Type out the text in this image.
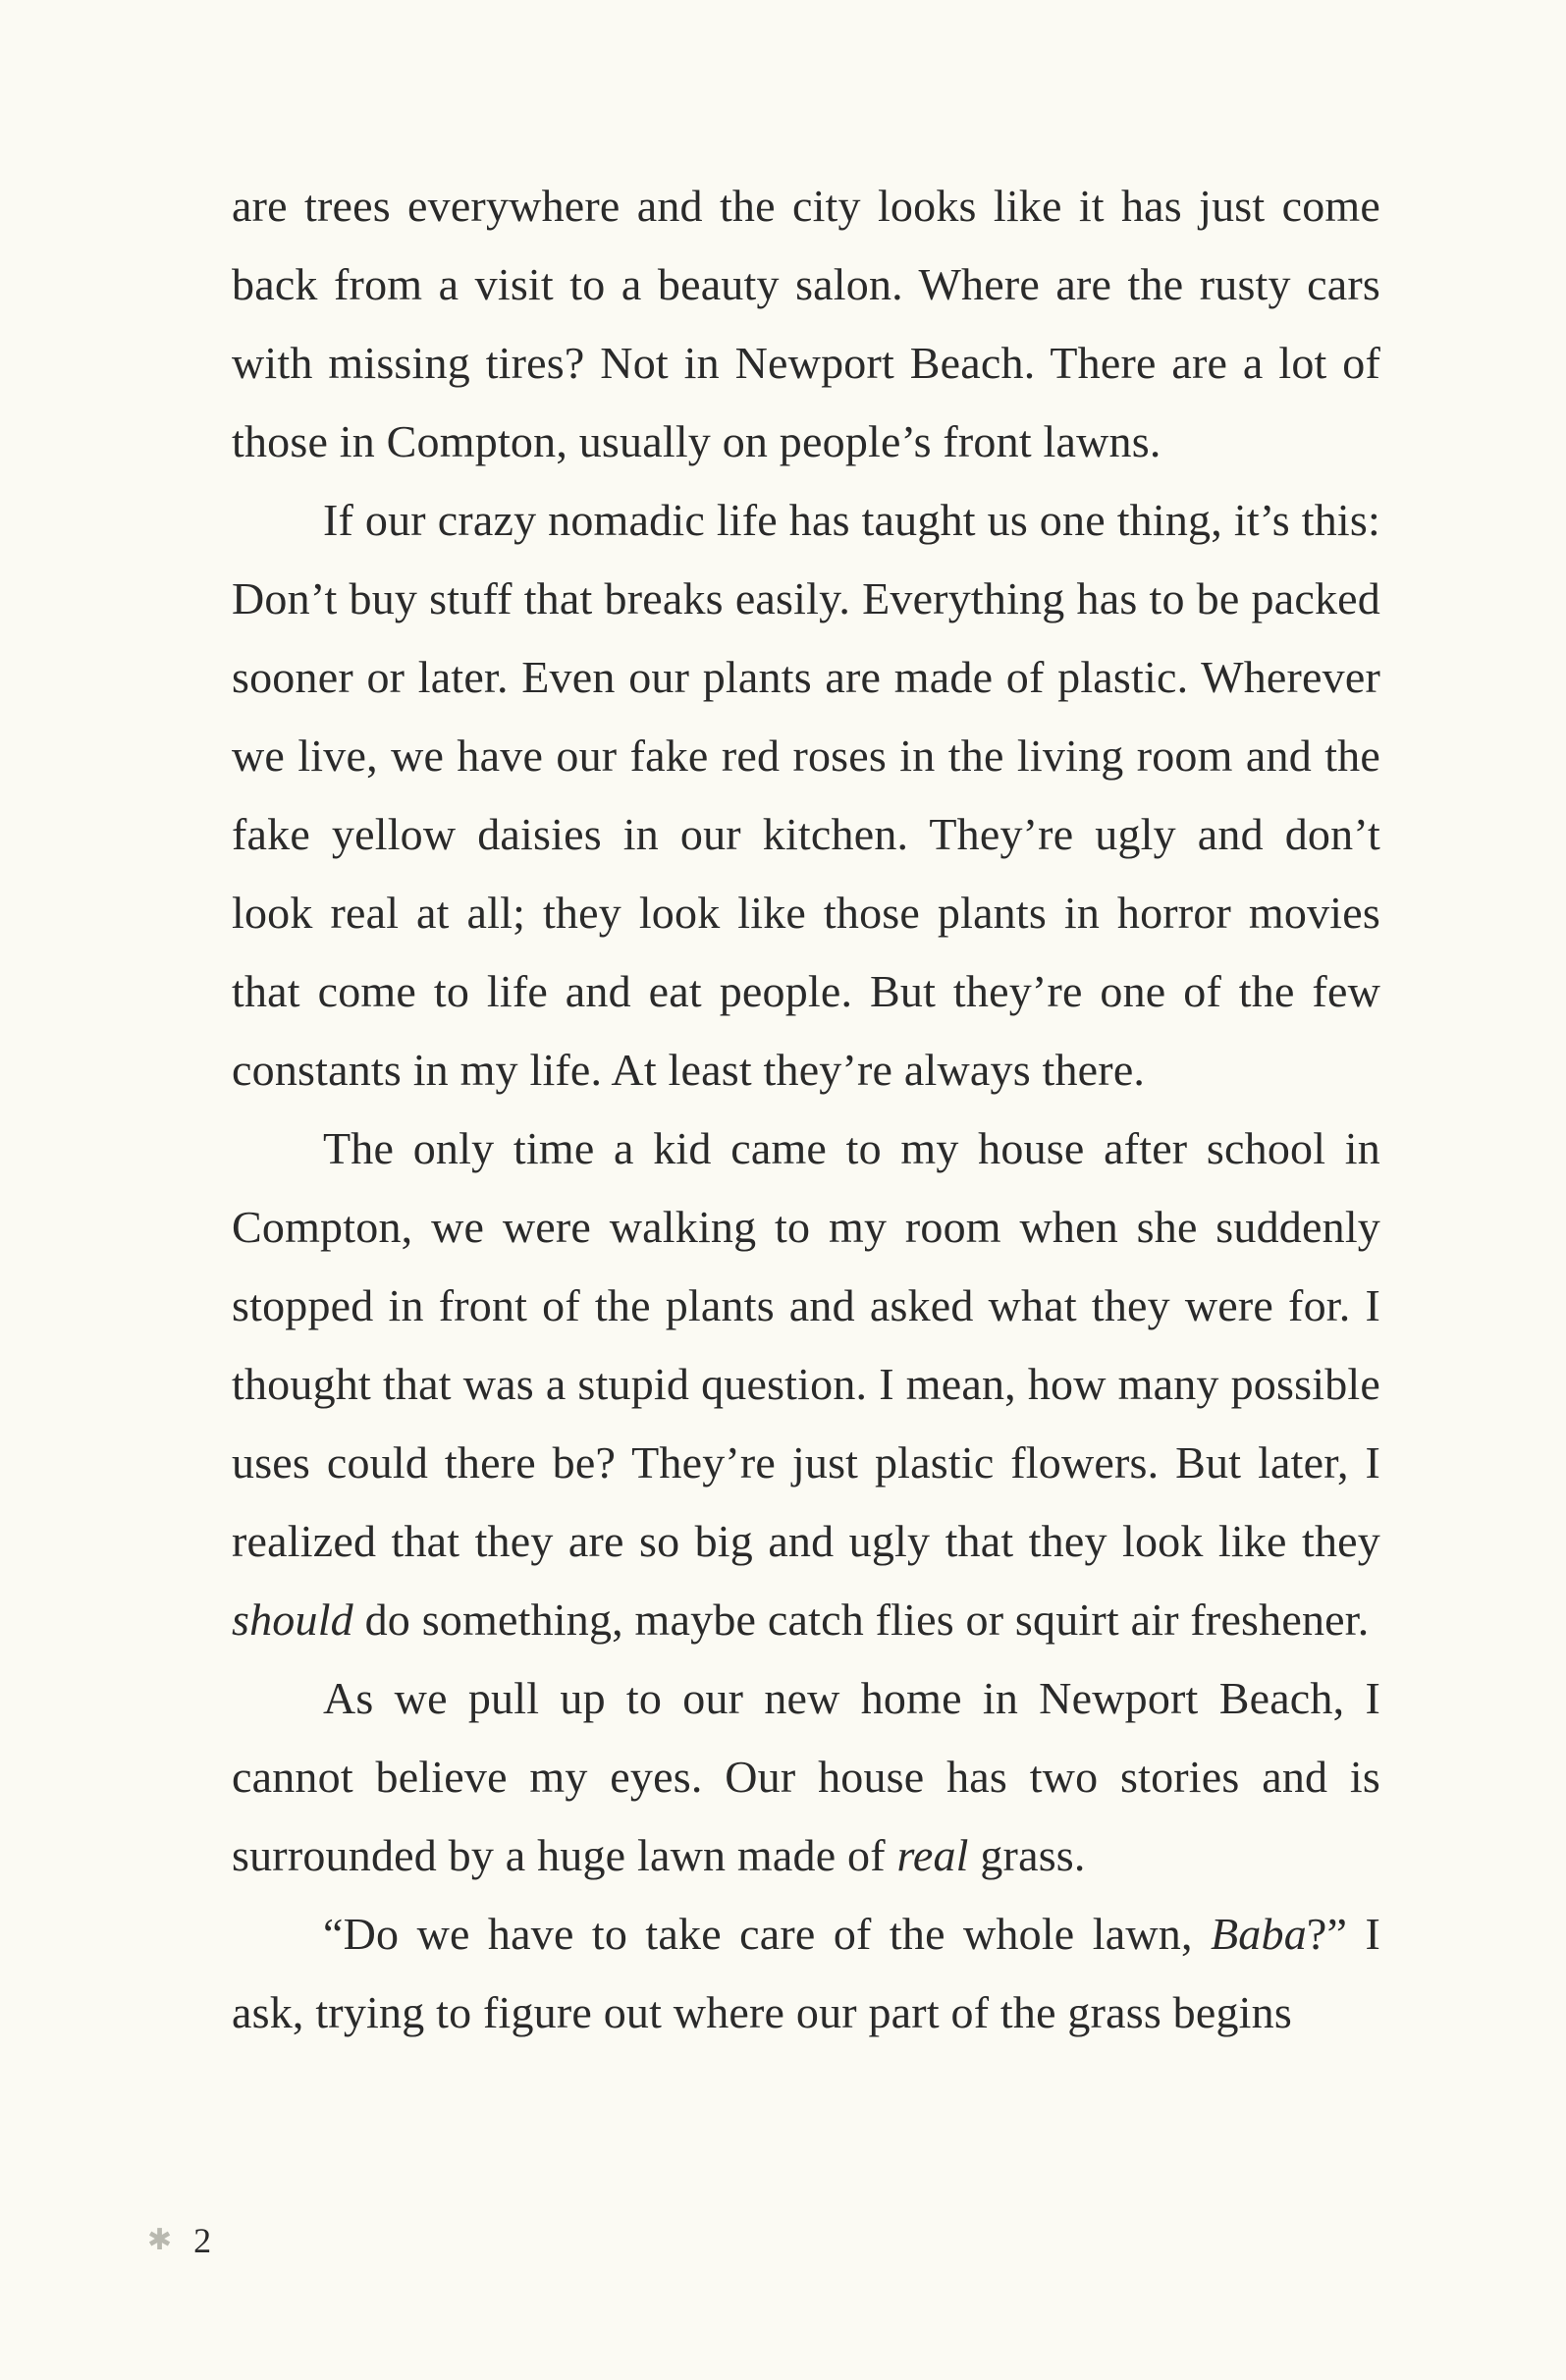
are trees everywhere and the city looks like it has just come back from a visit to a beauty salon. Where are the rusty cars with missing tires? Not in Newport Beach. There are a lot of those in Compton, usually on people’s front lawns.

If our crazy nomadic life has taught us one thing, it’s this: Don’t buy stuff that breaks easily. Everything has to be packed sooner or later. Even our plants are made of plastic. Wherever we live, we have our fake red roses in the living room and the fake yellow daisies in our kitchen. They’re ugly and don’t look real at all; they look like those plants in horror movies that come to life and eat people. But they’re one of the few constants in my life. At least they’re always there.

The only time a kid came to my house after school in Compton, we were walking to my room when she suddenly stopped in front of the plants and asked what they were for. I thought that was a stupid question. I mean, how many possible uses could there be? They’re just plastic flowers. But later, I realized that they are so big and ugly that they look like they should do something, maybe catch flies or squirt air freshener.

As we pull up to our new home in Newport Beach, I cannot believe my eyes. Our house has two stories and is surrounded by a huge lawn made of real grass.

“Do we have to take care of the whole lawn, Baba?” I ask, trying to figure out where our part of the grass begins

✱ 2
